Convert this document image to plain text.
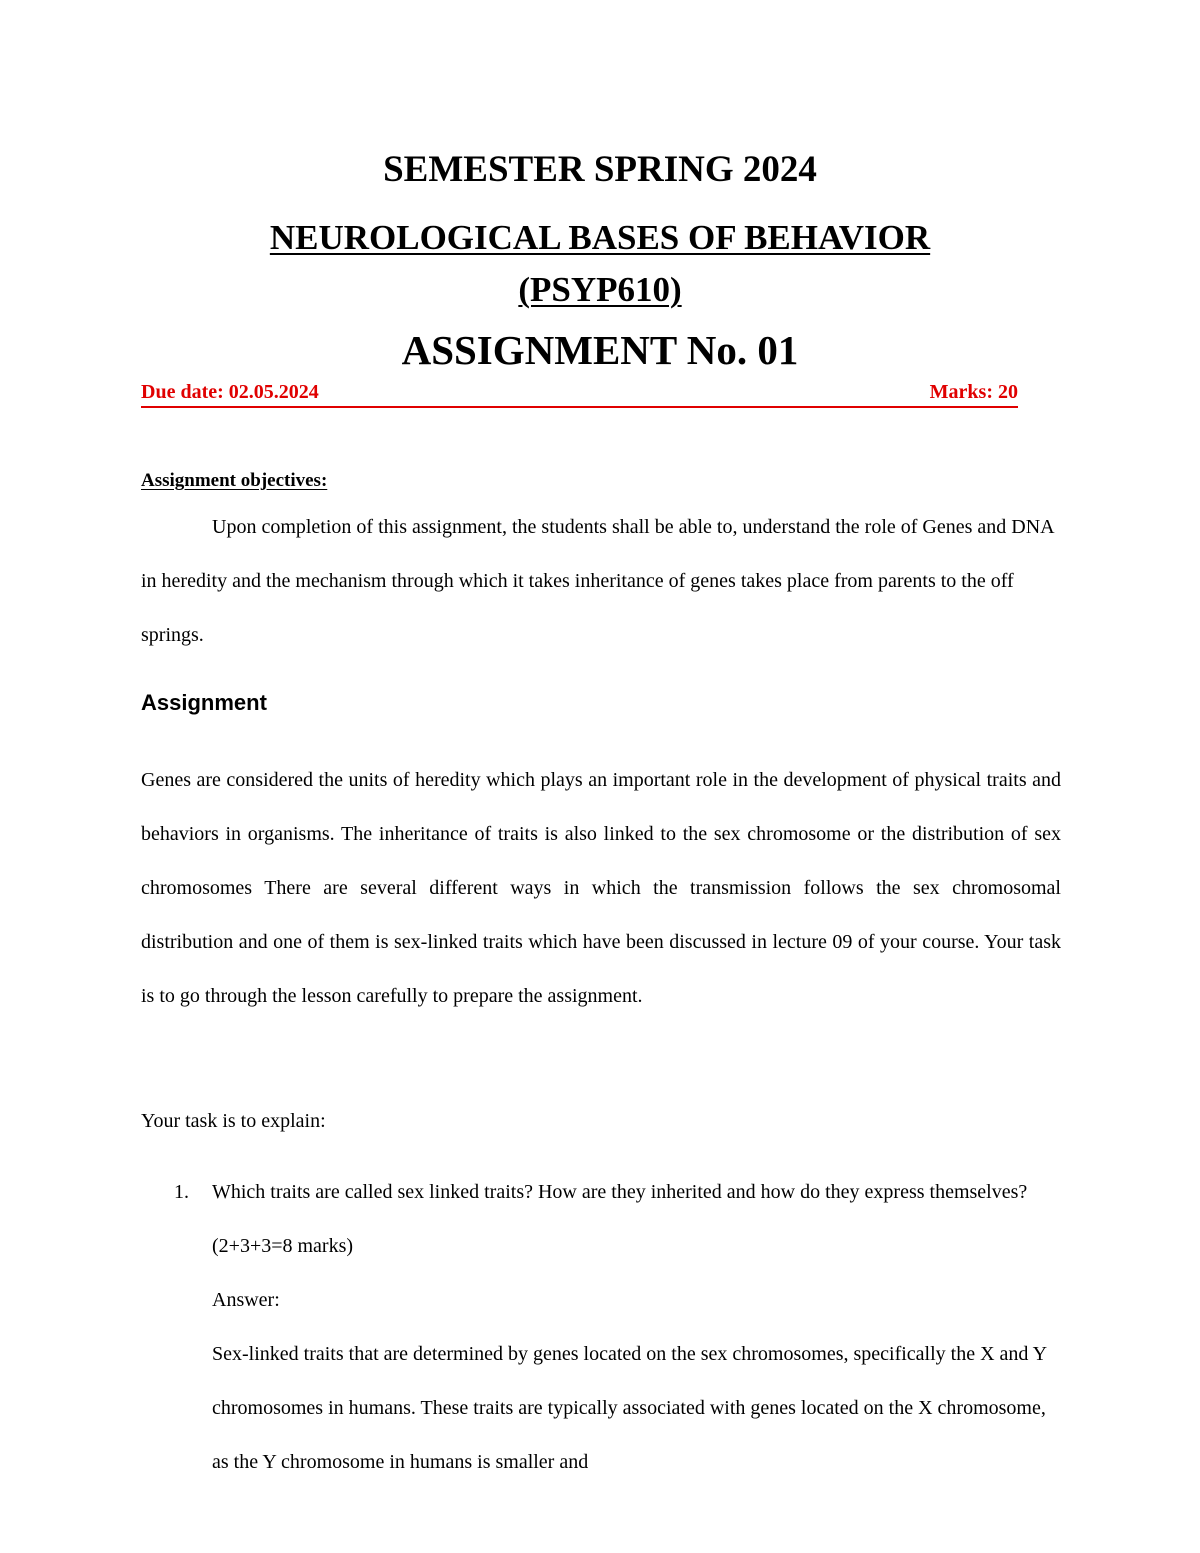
SEMESTER SPRING 2024
NEUROLOGICAL BASES OF BEHAVIOR
(PSYP610)
ASSIGNMENT No. 01
Due date: 02.05.2024	Marks: 20
Assignment objectives:
Upon completion of this assignment, the students shall be able to, understand the role of Genes and DNA in heredity and the mechanism through which it takes inheritance of genes takes place from parents to the off springs.
Assignment
Genes are considered the units of heredity which plays an important role in the development of physical traits and behaviors in organisms. The inheritance of traits is also linked to the sex chromosome or the distribution of sex chromosomes There are several different ways in which the transmission follows the sex chromosomal distribution and one of them is sex-linked traits which have been discussed in lecture 09 of your course. Your task is to go through the lesson carefully to prepare the assignment.
Your task is to explain:
1. Which traits are called sex linked traits? How are they inherited and how do they express themselves? (2+3+3=8 marks)
Answer:
Sex-linked traits that are determined by genes located on the sex chromosomes, specifically the X and Y chromosomes in humans. These traits are typically associated with genes located on the X chromosome, as the Y chromosome in humans is smaller and
